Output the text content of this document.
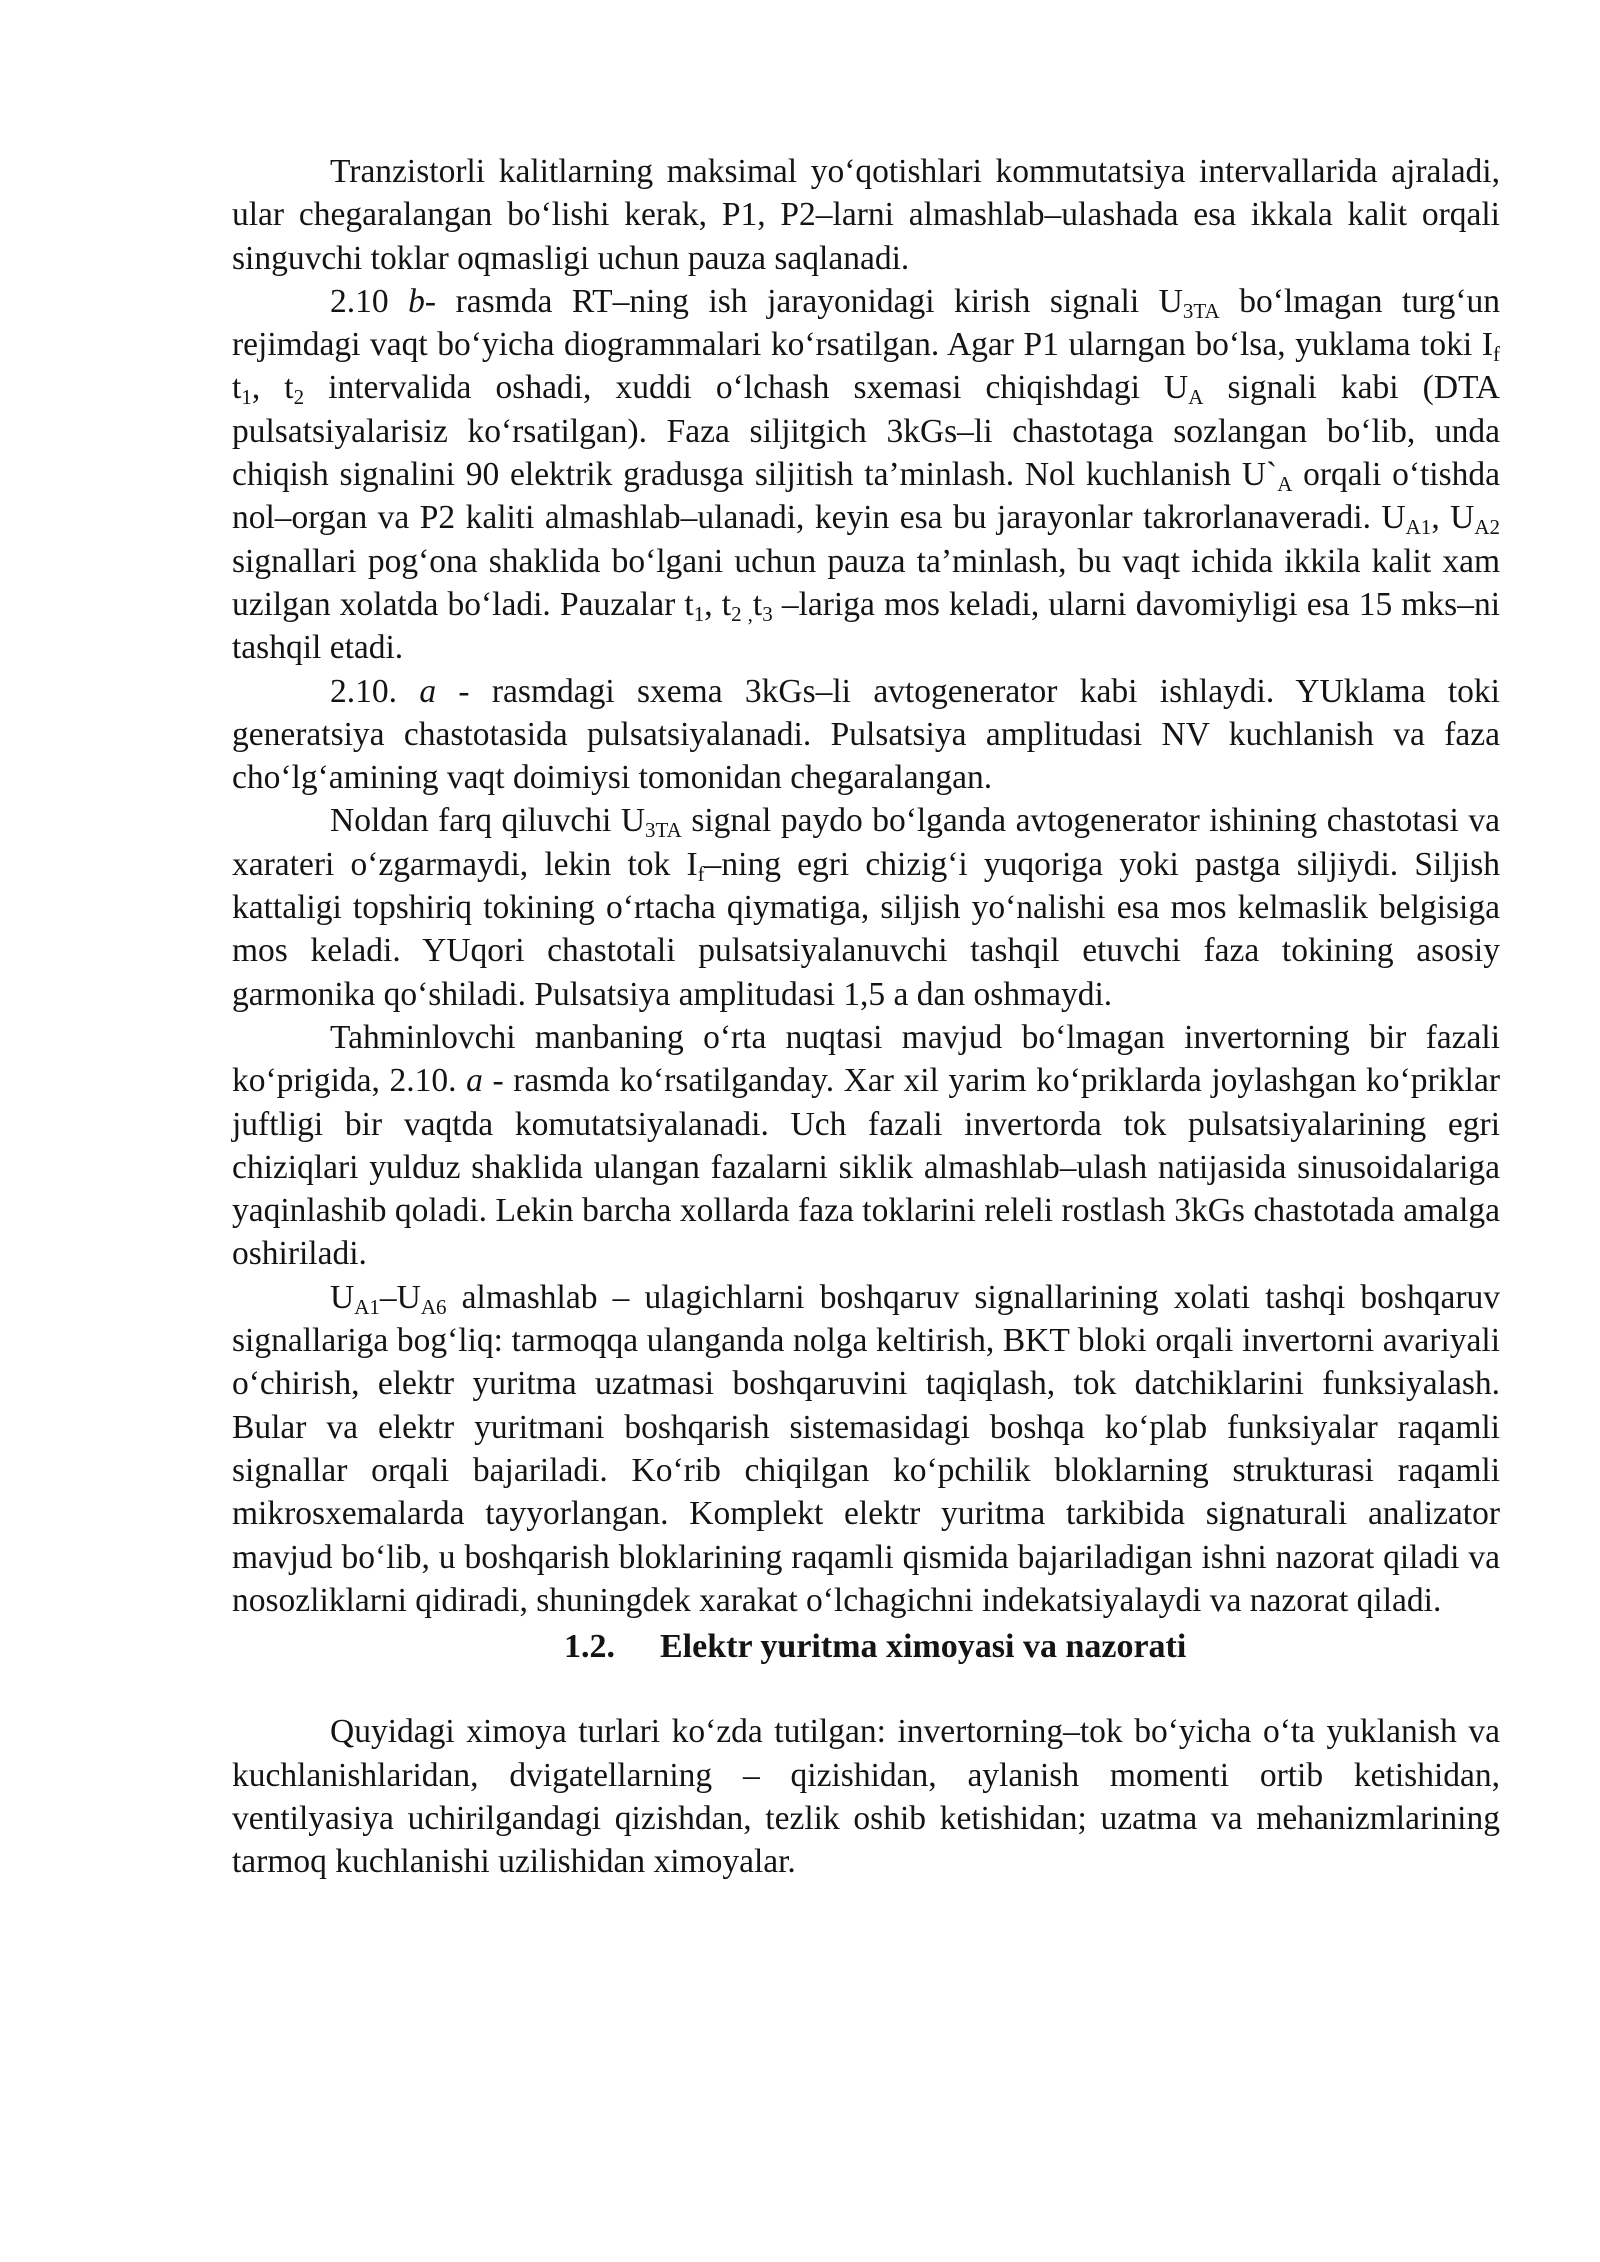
Tranzistorli kalitlarning maksimal yo‘qotishlari kommutatsiya intervallarida ajraladi, ular chegaralangan bo‘lishi kerak, P1, P2–larni almashlab–ulashada esa ikkala kalit orqali singuvchi toklar oqmasligi uchun pauza saqlanadi.

2.10 b- rasmda RT–ning ish jarayonidagi kirish signali $U_{3TA}$ bo‘lmagan turg‘un rejimdagi vaqt bo‘yicha diogrammalari ko‘rsatilgan. Agar P1 ularngan bo‘lsa, yuklama toki $I_f$ $t_1$, $t_2$ intervalida oshadi, xuddi o‘lchash sxemasi chiqishdagi $U_A$ signali kabi (DTA pulsatsiyalarisiz ko‘rsatilgan). Faza siljitgich 3kGs–li chastotaga sozlangan bo‘lib, unda chiqish signalini 90 elektrik gradusga siljitish ta’minlash. Nol kuchlanish $U`_A$ orqali o‘tishda nol–organ va P2 kaliti almashlab–ulanadi, keyin esa bu jarayonlar takrorlanaveradi. $U_{A1}$, $U_{A2}$ signallari pog‘ona shaklida bo‘lgani uchun pauza ta’minlash, bu vaqt ichida ikkila kalit xam uzilgan xolatda bo‘ladi. Pauzalar $t_1$, $t_{2 ,}t_3$ –lariga mos keladi, ularni davomiyligi esa 15 mks–ni tashqil etadi.

2.10. a - rasmdagi sxema 3kGs–li avtogenerator kabi ishlaydi. YUklama toki generatsiya chastotasida pulsatsiyalanadi. Pulsatsiya amplitudasi NV kuchlanish va faza cho‘lg‘amining vaqt doimiysi tomonidan chegaralangan.

Noldan farq qiluvchi $U_{3TA}$ signal paydo bo‘lganda avtogenerator ishining chastotasi va xarateri o‘zgarmaydi, lekin tok $I_f$–ning egri chizig‘i yuqoriga yoki pastga siljiydi. Siljish kattaligi topshiriq tokining o‘rtacha qiymatiga, siljish yo‘nalishi esa mos kelmaslik belgisiga mos keladi. YUqori chastotali pulsatsiyalanuvchi tashqil etuvchi faza tokining asosiy garmonika qo‘shiladi. Pulsatsiya amplitudasi 1,5 a dan oshmaydi.

Tahminlovchi manbaning o‘rta nuqtasi mavjud bo‘lmagan invertorning bir fazali ko‘prigida, 2.10. a - rasmda ko‘rsatilganday. Xar xil yarim ko‘priklarda joylashgan ko‘priklar juftligi bir vaqtda komutatsiyalanadi. Uch fazali invertorda tok pulsatsiyalarining egri chiziqlari yulduz shaklida ulangan fazalarni siklik almashlab–ulash natijasida sinusoidalariga yaqinlashib qoladi. Lekin barcha xollarda faza toklarini releli rostlash 3kGs chastotada amalga oshiriladi.

$U_{A1}-U_{A6}$ almashlab – ulagichlarni boshqaruv signallarining xolati tashqi boshqaruv signallariga bog‘liq: tarmoqqa ulanganda nolga keltirish, BKT bloki orqali invertorni avariyali o‘chirish, elektr yuritma uzatmasi boshqaruvini taqiqlash, tok datchiklarini funksiyalash. Bular va elektr yuritmani boshqarish sistemasidagi boshqa ko‘plab funksiyalar raqamli signallar orqali bajariladi. Ko‘rib chiqilgan ko‘pchilik bloklarning strukturasi raqamli mikrosxemalarda tayyorlangan. Komplekt elektr yuritma tarkibida signaturali analizator mavjud bo‘lib, u boshqarish bloklarining raqamli qismida bajariladigan ishni nazorat qiladi va nosozliklarni qidiradi, shuningdek xarakat o‘lchagichni indekatsiyalaydi va nazorat qiladi.

1.2. Elektr yuritma ximoyasi va nazorati

Quyidagi ximoya turlari ko‘zda tutilgan: invertorning–tok bo‘yicha o‘ta yuklanish va kuchlanishlaridan, dvigatellarning – qizishidan, aylanish momenti ortib ketishidan, ventilyasiya uchirilgandagi qizishdan, tezlik oshib ketishidan; uzatma va mehanizmlarining tarmoq kuchlanishi uzilishidan ximoyalar.
